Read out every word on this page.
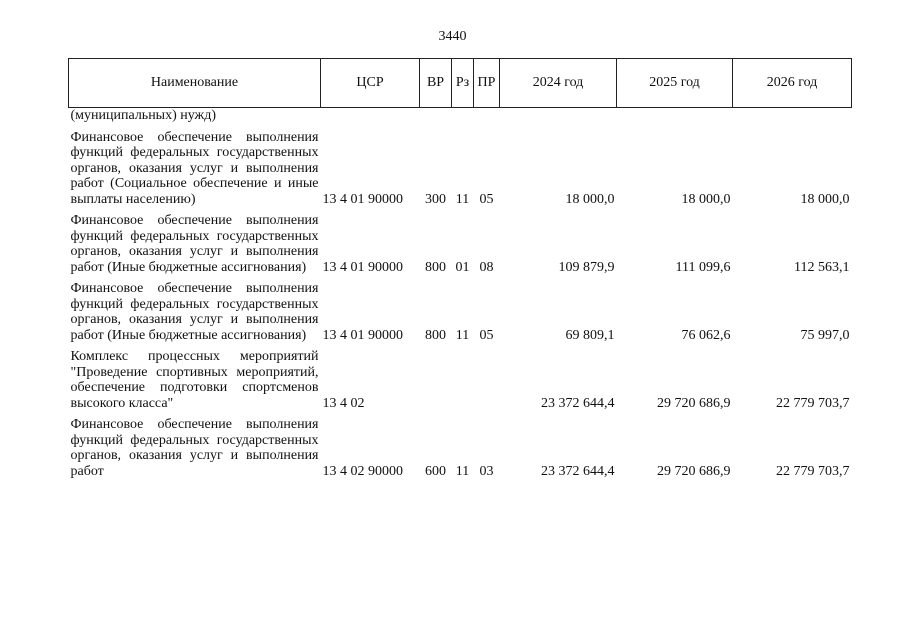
3440
Наименование	ЦСР	ВР	Рз	ПР	2024 год	2025 год	2026 год
(муниципальных) нужд)							

Финансовое обеспечение выполнения функций федеральных государственных органов, оказания услуг и выполнения работ (Социальное обеспечение и иные выплаты населению)	13 4 01 90000	300	11	05	18 000,0	18 000,0	18 000,0

Финансовое обеспечение выполнения функций федеральных государственных органов, оказания услуг и выполнения работ (Иные бюджетные ассигнования)	13 4 01 90000	800	01	08	109 879,9	111 099,6	112 563,1

Финансовое обеспечение выполнения функций федеральных государственных органов, оказания услуг и выполнения работ (Иные бюджетные ассигнования)	13 4 01 90000	800	11	05	69 809,1	76 062,6	75 997,0

Комплекс процессных мероприятий "Проведение спортивных мероприятий, обеспечение подготовки спортсменов высокого класса"	13 4 02				23 372 644,4	29 720 686,9	22 779 703,7

Финансовое обеспечение выполнения функций федеральных государственных органов, оказания услуг и выполнения работ	13 4 02 90000	600	11	03	23 372 644,4	29 720 686,9	22 779 703,7
